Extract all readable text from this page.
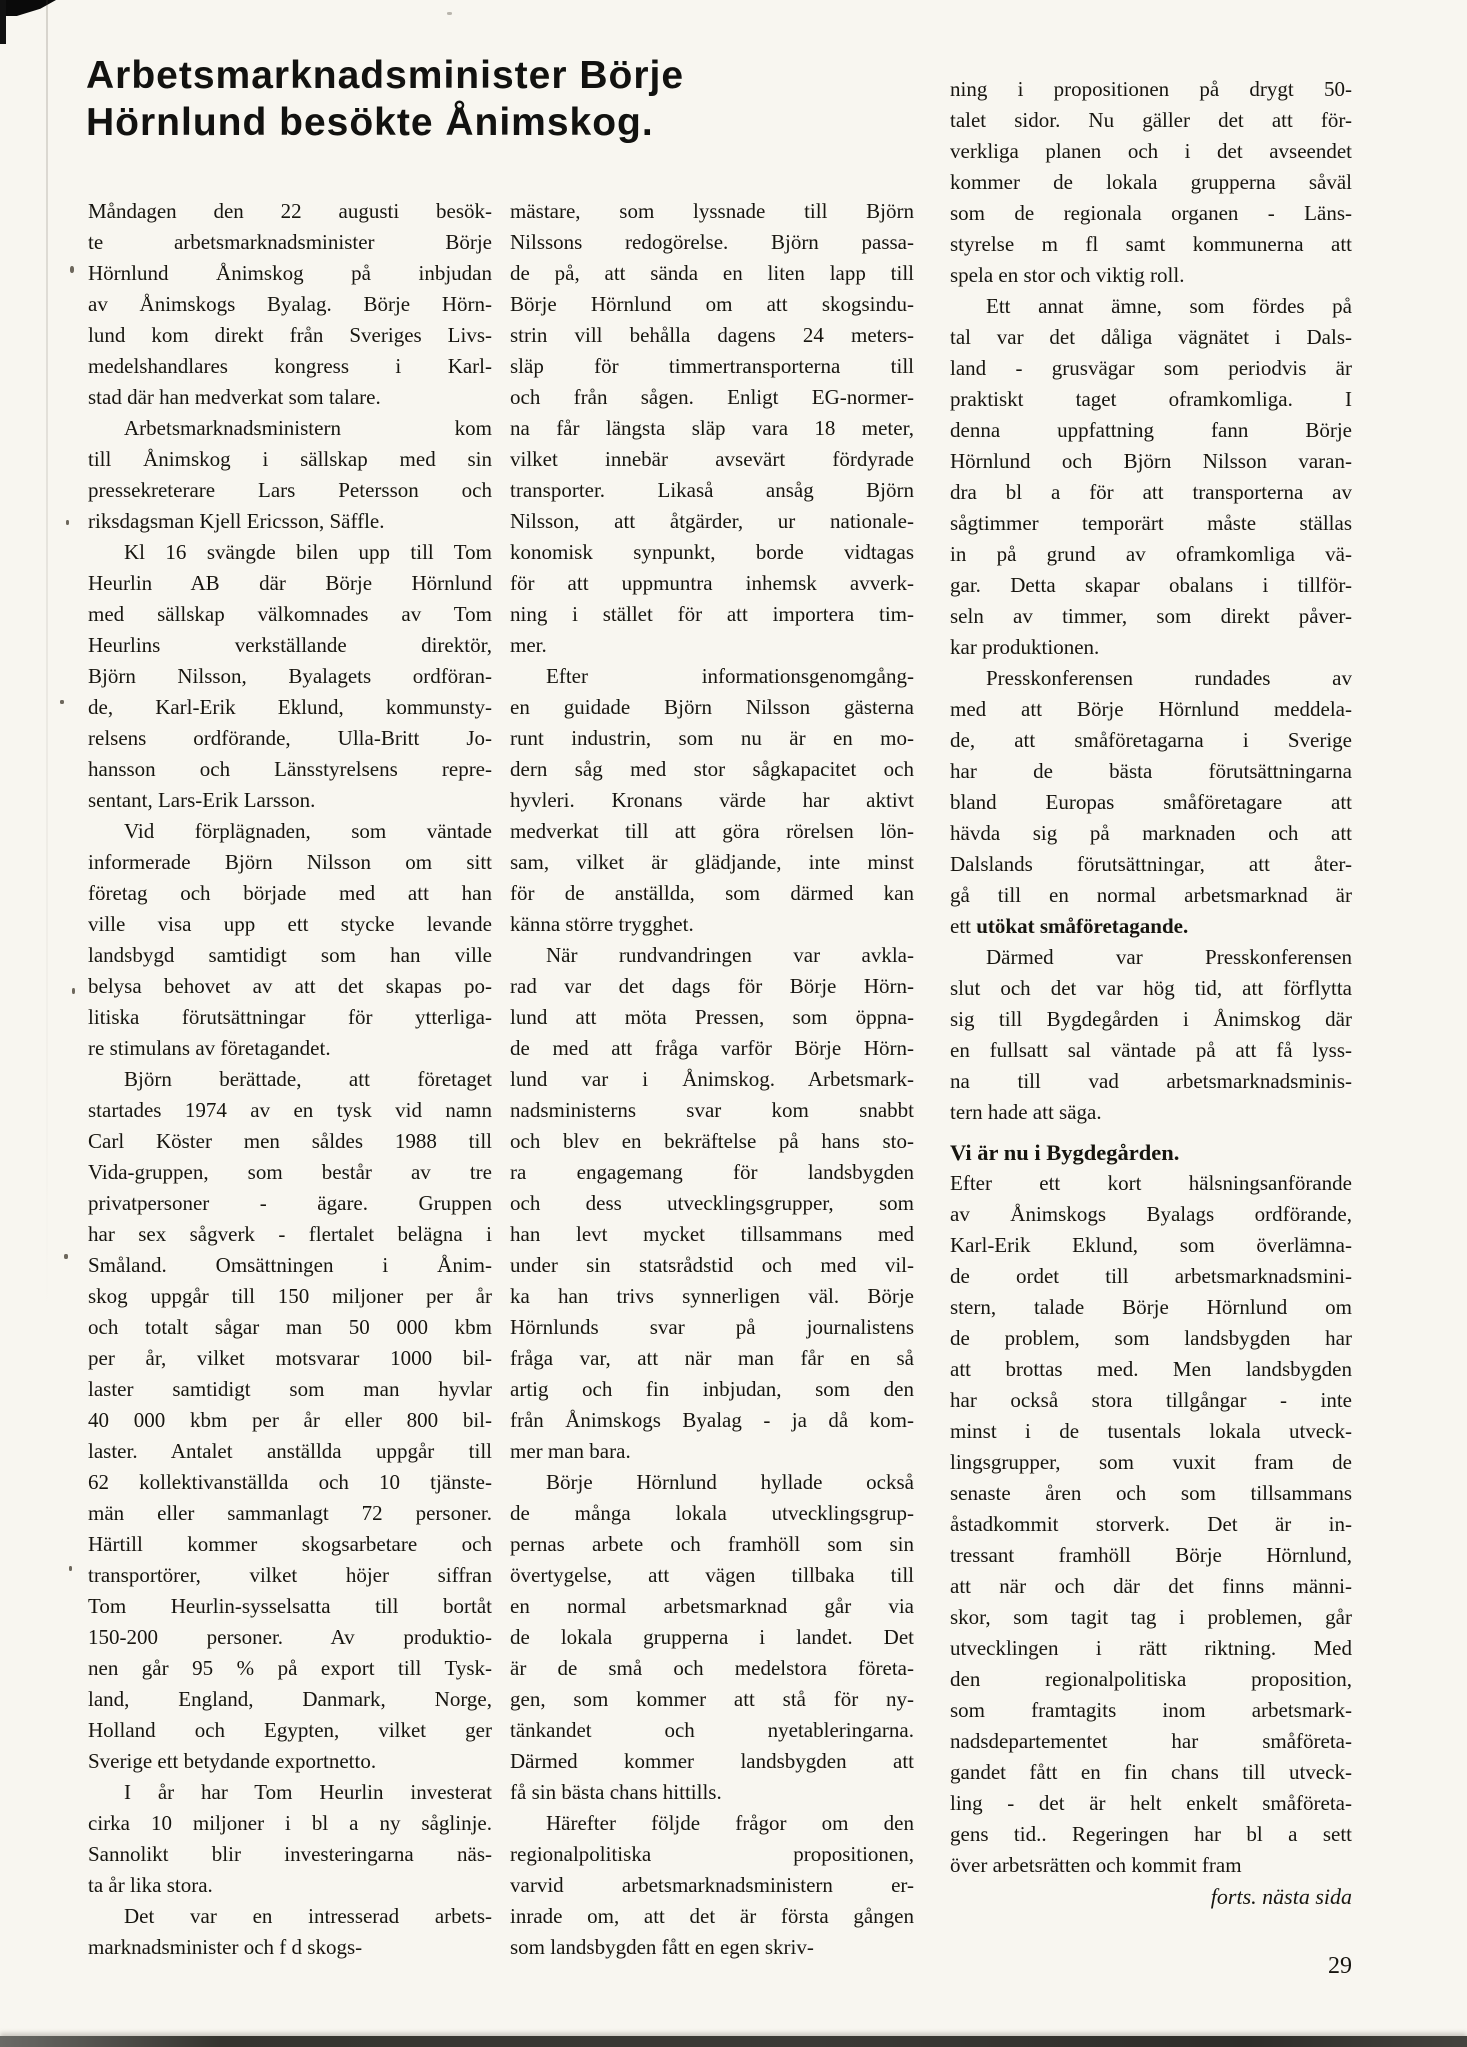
Arbetsmarknadsminister Börje
Hörnlund besökte Ånimskog.

Måndagen den 22 augusti besök-
te arbetsmarknadsminister Börje
Hörnlund Ånimskog på inbjudan
av Ånimskogs Byalag. Börje Hörn-
lund kom direkt från Sveriges Livs-
medelshandlares kongress i Karl-
stad där han medverkat som talare.

Arbetsmarknadsministern kom
till Ånimskog i sällskap med sin
pressekreterare Lars Petersson och
riksdagsman Kjell Ericsson, Säffle.

Kl 16 svängde bilen upp till Tom
Heurlin AB där Börje Hörnlund
med sällskap välkomnades av Tom
Heurlins verkställande direktör,
Björn Nilsson, Byalagets ordföran-
de, Karl-Erik Eklund, kommunsty-
relsens ordförande, Ulla-Britt Jo-
hansson och Länsstyrelsens repre-
sentant, Lars-Erik Larsson.

Vid förplägnaden, som väntade
informerade Björn Nilsson om sitt
företag och började med att han
ville visa upp ett stycke levande
landsbygd samtidigt som han ville
belysa behovet av att det skapas po-
litiska förutsättningar för ytterliga-
re stimulans av företagandet.

Björn berättade, att företaget
startades 1974 av en tysk vid namn
Carl Köster men såldes 1988 till
Vida-gruppen, som består av tre
privatpersoner - ägare. Gruppen
har sex sågverk - flertalet belägna i
Småland. Omsättningen i Ånim-
skog uppgår till 150 miljoner per år
och totalt sågar man 50 000 kbm
per år, vilket motsvarar 1000 bil-
laster samtidigt som man hyvlar
40 000 kbm per år eller 800 bil-
laster. Antalet anställda uppgår till
62 kollektivanställda och 10 tjänste-
män eller sammanlagt 72 personer.
Härtill kommer skogsarbetare och
transportörer, vilket höjer siffran
Tom Heurlin-sysselsatta till bortåt
150-200 personer. Av produktio-
nen går 95 % på export till Tysk-
land, England, Danmark, Norge,
Holland och Egypten, vilket ger
Sverige ett betydande exportnetto.

I år har Tom Heurlin investerat
cirka 10 miljoner i bl a ny såglinje.
Sannolikt blir investeringarna näs-
ta år lika stora.

Det var en intresserad arbets-
marknadsminister och f d skogs-

mästare, som lyssnade till Björn
Nilssons redogörelse. Björn passa-
de på, att sända en liten lapp till
Börje Hörnlund om att skogsindu-
strin vill behålla dagens 24 meters-
släp för timmertransporterna till
och från sågen. Enligt EG-normer-
na får längsta släp vara 18 meter,
vilket innebär avsevärt fördyrade
transporter. Likaså ansåg Björn
Nilsson, att åtgärder, ur nationale-
konomisk synpunkt, borde vidtagas
för att uppmuntra inhemsk avverk-
ning i stället för att importera tim-
mer.

Efter informationsgenomgång-
en guidade Björn Nilsson gästerna
runt industrin, som nu är en mo-
dern såg med stor sågkapacitet och
hyvleri. Kronans värde har aktivt
medverkat till att göra rörelsen lön-
sam, vilket är glädjande, inte minst
för de anställda, som därmed kan
känna större trygghet.

När rundvandringen var avkla-
rad var det dags för Börje Hörn-
lund att möta Pressen, som öppna-
de med att fråga varför Börje Hörn-
lund var i Ånimskog. Arbetsmark-
nadsministerns svar kom snabbt
och blev en bekräftelse på hans sto-
ra engagemang för landsbygden
och dess utvecklingsgrupper, som
han levt mycket tillsammans med
under sin statsrådstid och med vil-
ka han trivs synnerligen väl. Börje
Hörnlunds svar på journalistens
fråga var, att när man får en så
artig och fin inbjudan, som den
från Ånimskogs Byalag - ja då kom-
mer man bara.

Börje Hörnlund hyllade också
de många lokala utvecklingsgrup-
pernas arbete och framhöll som sin
övertygelse, att vägen tillbaka till
en normal arbetsmarknad går via
de lokala grupperna i landet. Det
är de små och medelstora företa-
gen, som kommer att stå för ny-
tänkandet och nyetableringarna.
Därmed kommer landsbygden att
få sin bästa chans hittills.

Härefter följde frågor om den
regionalpolitiska propositionen,
varvid arbetsmarknadsministern er-
inrade om, att det är första gången
som landsbygden fått en egen skriv-

ning i propositionen på drygt 50-
talet sidor. Nu gäller det att för-
verkliga planen och i det avseendet
kommer de lokala grupperna såväl
som de regionala organen - Läns-
styrelse m fl samt kommunerna att
spela en stor och viktig roll.

Ett annat ämne, som fördes på
tal var det dåliga vägnätet i Dals-
land - grusvägar som periodvis är
praktiskt taget oframkomliga. I
denna uppfattning fann Börje
Hörnlund och Björn Nilsson varan-
dra bl a för att transporterna av
sågtimmer temporärt måste ställas
in på grund av oframkomliga vä-
gar. Detta skapar obalans i tillför-
seln av timmer, som direkt påver-
kar produktionen.

Presskonferensen rundades av
med att Börje Hörnlund meddela-
de, att småföretagarna i Sverige
har de bästa förutsättningarna
bland Europas småföretagare att
hävda sig på marknaden och att
Dalslands förutsättningar, att åter-
gå till en normal arbetsmarknad är
ett utökat småföretagande.

Därmed var Presskonferensen
slut och det var hög tid, att förflytta
sig till Bygdegården i Ånimskog där
en fullsatt sal väntade på att få lyss-
na till vad arbetsmarknadsminis-
tern hade att säga.

Vi är nu i Bygdegården.

Efter ett kort hälsningsanförande
av Ånimskogs Byalags ordförande,
Karl-Erik Eklund, som överlämna-
de ordet till arbetsmarknadsmini-
stern, talade Börje Hörnlund om
de problem, som landsbygden har
att brottas med. Men landsbygden
har också stora tillgångar - inte
minst i de tusentals lokala utveck-
lingsgrupper, som vuxit fram de
senaste åren och som tillsammans
åstadkommit storverk. Det är in-
tressant framhöll Börje Hörnlund,
att när och där det finns männi-
skor, som tagit tag i problemen, går
utvecklingen i rätt riktning. Med
den regionalpolitiska proposition,
som framtagits inom arbetsmark-
nadsdepartementet har småföreta-
gandet fått en fin chans till utveck-
ling - det är helt enkelt småföreta-
gens tid.. Regeringen har bl a sett
över arbetsrätten och kommit fram

forts. nästa sida
29
